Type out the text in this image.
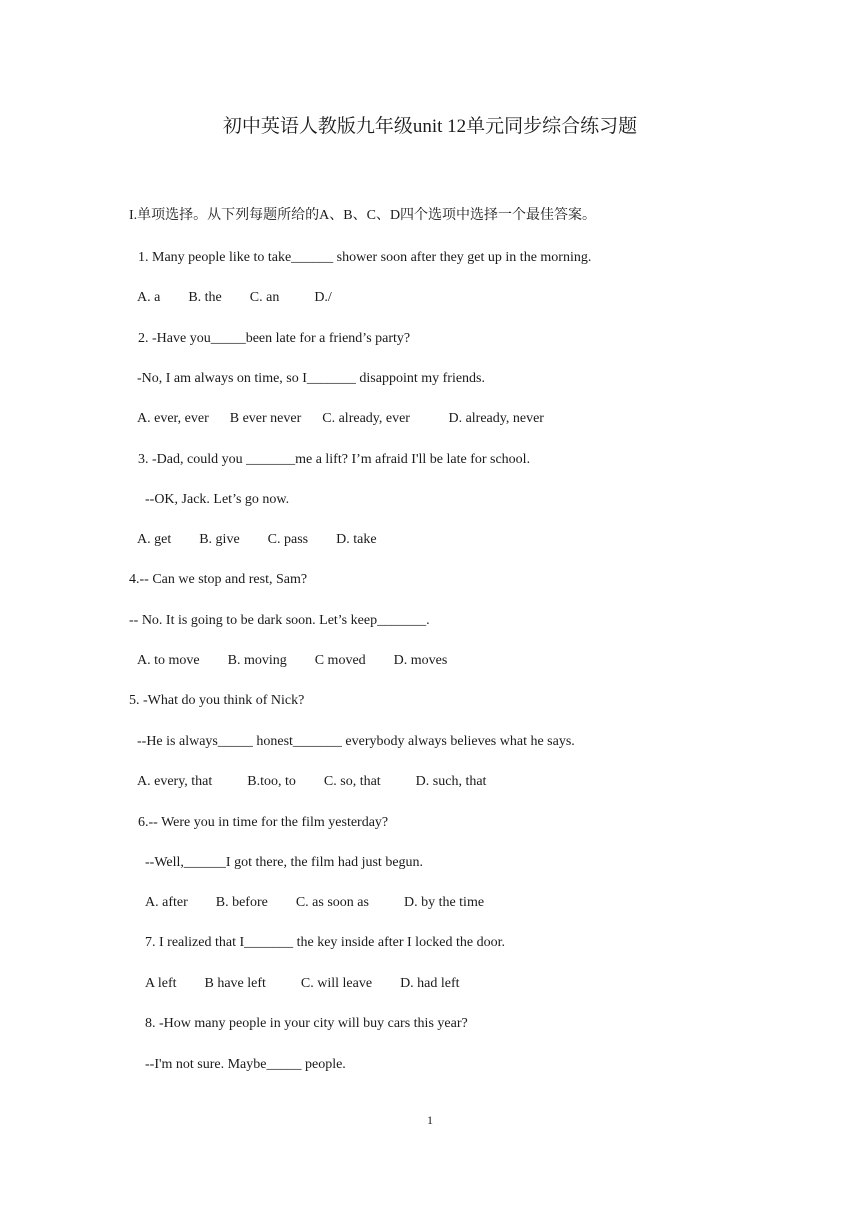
初中英语人教版九年级unit 12单元同步综合练习题
I.单项选择。从下列每题所给的A、B、C、D四个选项中选择一个最佳答案。
1. Many people like to take______ shower soon after they get up in the morning.
A. a        B. the        C. an          D./
2. -Have you_____been late for a friend’s party?
-No, I am always on time, so I_______ disappoint my friends.
A. ever, ever      B ever never      C. already, ever           D. already, never
3. -Dad, could you _______me a lift? I’m afraid I'll be late for school.
--OK, Jack. Let’s go now.
A. get        B. give        C. pass        D. take
4.-- Can we stop and rest, Sam?
-- No. It is going to be dark soon. Let’s keep_______.
A. to move        B. moving        C moved        D. moves
5. -What do you think of Nick?
--He is always_____ honest_______ everybody always believes what he says.
A. every, that          B.too, to        C. so, that          D. such, that
6.-- Were you in time for the film yesterday?
--Well,______I got there, the film had just begun.
A. after        B. before        C. as soon as          D. by the time
7. I realized that I_______ the key inside after I locked the door.
A left        B have left          C. will leave        D. had left
8. -How many people in your city will buy cars this year?
--I'm not sure. Maybe_____ people.
1
